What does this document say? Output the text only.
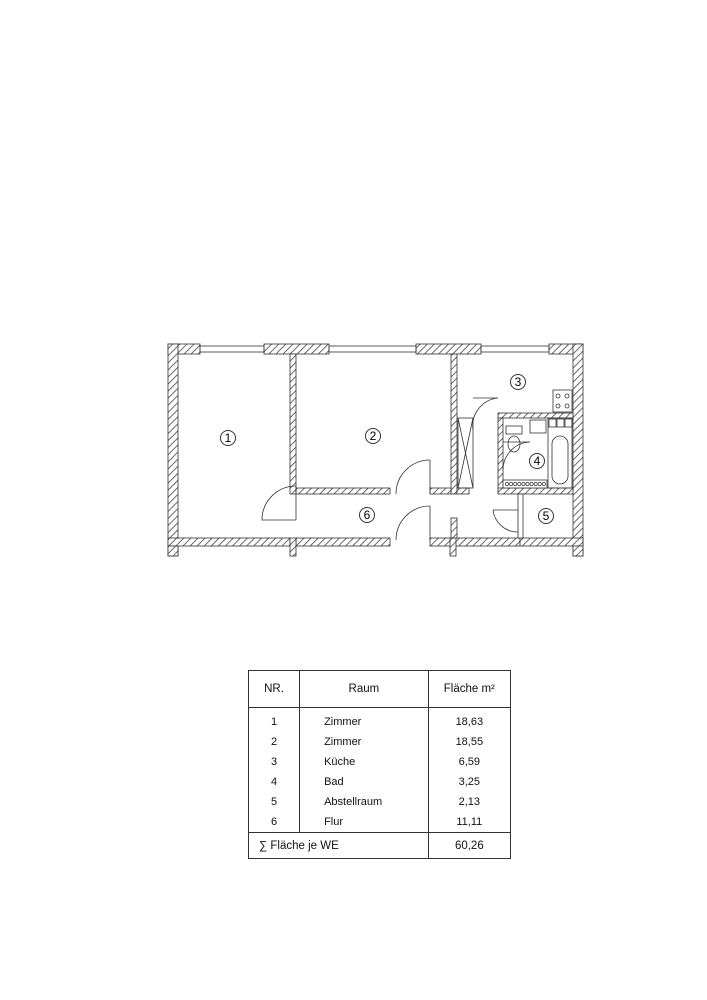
1	2
3
4
5
6
NR.	Raum	Fläche m²
1	Zimmer	18,63
2	Zimmer	18,55
3	Küche	6,59
4	Bad	3,25
5	Abstellraum	2,13
6	Flur	11,11
∑ Fläche je WE		60,26
